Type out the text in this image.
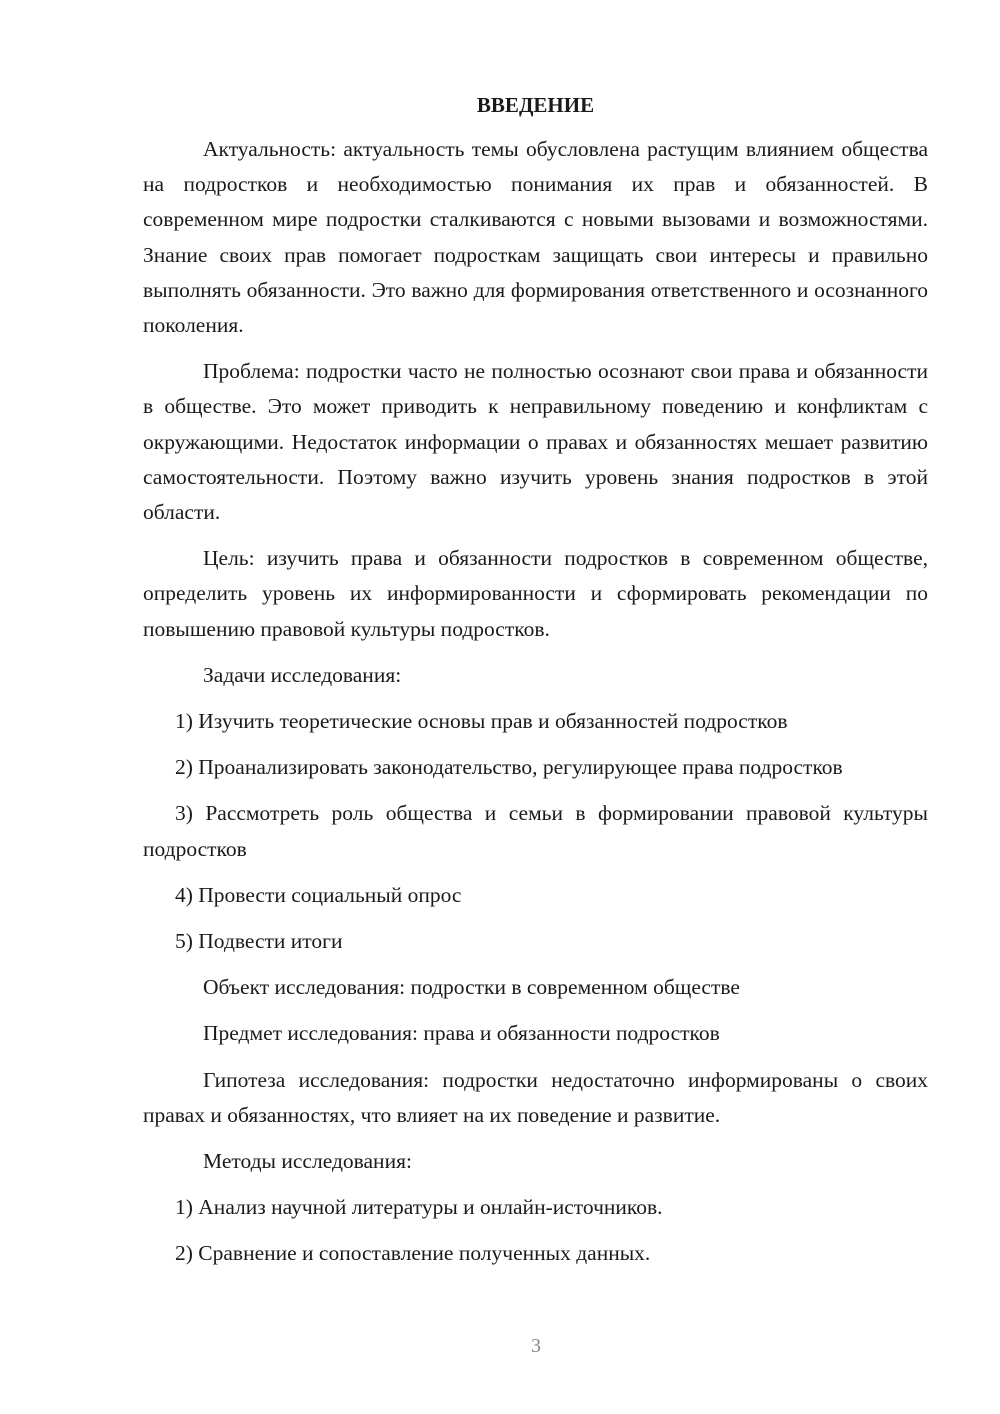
ВВЕДЕНИЕ

Актуальность: актуальность темы обусловлена растущим влиянием общества на подростков и необходимостью понимания их прав и обязанностей. В современном мире подростки сталкиваются с новыми вызовами и возможностями. Знание своих прав помогает подросткам защищать свои интересы и правильно выполнять обязанности. Это важно для формирования ответственного и осознанного поколения.

Проблема: подростки часто не полностью осознают свои права и обязанности в обществе. Это может приводить к неправильному поведению и конфликтам с окружающими. Недостаток информации о правах и обязанностях мешает развитию самостоятельности. Поэтому важно изучить уровень знания подростков в этой области.

Цель: изучить права и обязанности подростков в современном обществе, определить уровень их информированности и сформировать рекомендации по повышению правовой культуры подростков.

Задачи исследования:

1) Изучить теоретические основы прав и обязанностей подростков

2) Проанализировать законодательство, регулирующее права подростков

3) Рассмотреть роль общества и семьи в формировании правовой культуры подростков

4) Провести социальный опрос

5) Подвести итоги

Объект исследования: подростки в современном обществе

Предмет исследования: права и обязанности подростков

Гипотеза исследования: подростки недостаточно информированы о своих правах и обязанностях, что влияет на их поведение и развитие.

Методы исследования:

1) Анализ научной литературы и онлайн-источников.

2) Сравнение и сопоставление полученных данных.

3
